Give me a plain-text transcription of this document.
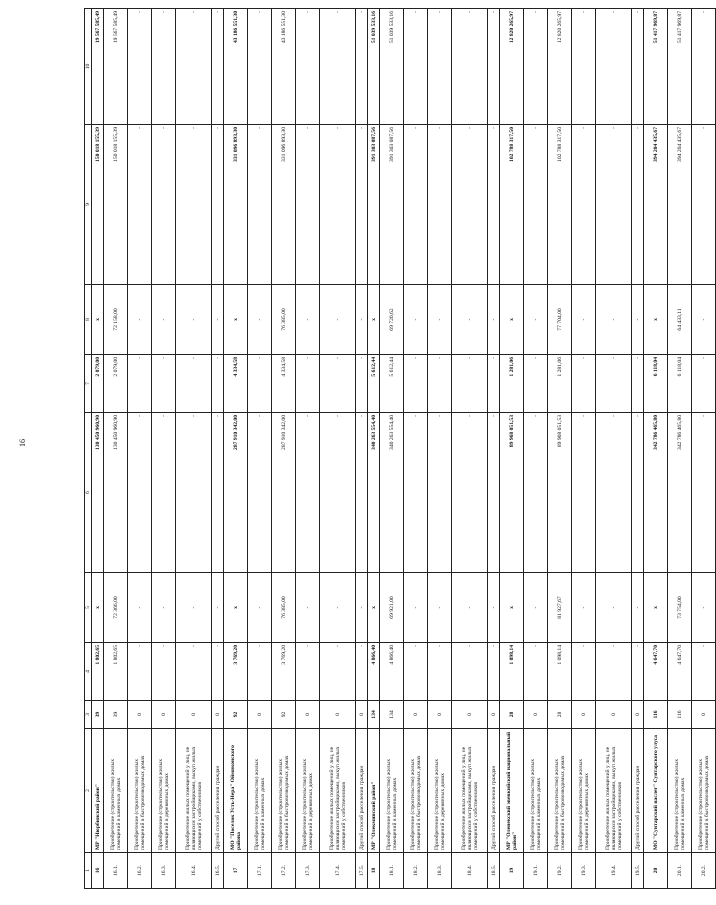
16
1	2	3	4	5	6	7	8	9	10
16	МР "Нюрбинский район"	39	1 802,65	х	130 450 960,90	2 079,00	х	150 018 155,39	19 567 585,49
16.1.	Приобретение (строительство) жилых помещений в каменных домах	39	1 802,65	72 366,00	130 450 960,90	2 079,00	72 158,00	150 018 155,39	19 567 585,49
16.2.	Приобретение (строительство) жилых помещений в быстровозводимых домах	0	-	-	-	-	-	-	-
16.3.	Приобретение (строительство) жилых помещений в деревянных домах	0	-	-	-	-	-	-	-
16.4.	Приобретение жилых помещений у лиц, не являющихся застройщиками, выкуп жилых помещений у собственников	0	-	-	-	-	-	-	-
16.5.	Другой способ расселения граждан	0	-	-	-	-	-	-	-
17	МО "Поселок Усть-Нера" Оймяконского района	92	3 769,20	х	287 910 342,00	4 334,58	х	331 096 893,30	43 186 551,30
17.1.	Приобретение (строительство) жилых помещений в каменных домах	0	-	-	-	-	-	-	-
17.2.	Приобретение (строительство) жилых помещений в быстровозводимых домах	92	3 769,20	76 385,00	287 910 342,00	4 334,58	76 385,00	331 096 893,30	43 186 551,30
17.3.	Приобретение (строительство) жилых помещений в деревянных домах	0	-	-	-	-	-	-	-
17.4.	Приобретение жилых помещений у лиц, не являющихся застройщиками, выкуп жилых помещений у собственников	0	-	-	-	-	-	-	-
17.5.	Другой способ расселения граждан	0	-	-	-	-	-	-	-
18	МР "Олекминский район"	134	4 866,40	х	340 263 554,40	5 612,44	х	391 303 087,56	51 039 533,16
18.1.	Приобретение (строительство) жилых помещений в каменных домах	134	4 866,40	69 921,00	340 263 554,40	5 612,44	69 720,62	391 303 087,56	51 039 533,16
18.2.	Приобретение (строительство) жилых помещений в быстровозводимых домах	0	-	-	-	-	-	-	-
18.3.	Приобретение (строительство) жилых помещений в деревянных домах	0	-	-	-	-	-	-	-
18.4.	Приобретение жилых помещений у лиц, не являющихся застройщиками, выкуп жилых помещений у собственников	0	-	-	-	-	-	-	-
18.5.	Другой способ расселения граждан	0	-	-	-	-	-	-	-
19	МР "Оленекский эвенкийский национальный район"	28	1 098,14	х	89 968 051,53	1 281,06	х	102 788 317,50	12 820 265,97
19.1.	Приобретение (строительство) жилых помещений в каменных домах	0	-	-	-	-	-	-	-
19.2.	Приобретение (строительство) жилых помещений в быстровозводимых домах	28	1 098,14	81 927,67	89 968 051,53	1 281,06	77 704,00	102 788 317,50	12 820 265,97
19.3.	Приобретение (строительство) жилых помещений в деревянных домах	0	-	-	-	-	-	-	-
19.4.	Приобретение жилых помещений у лиц, не являющихся застройщиками, выкуп жилых помещений у собственников	0	-	-	-	-	-	-	-
19.5.	Другой способ расселения граждан	0	-	-	-	-	-	-	-
20	МО "Сунтарский наслег" Сунтарского улуса	116	4 647,70	х	342 786 465,80	6 118,04	х	394 204 435,67	51 417 969,87
20.1.	Приобретение (строительство) жилых помещений в каменных домах	116	4 647,70	73 754,00	342 786 465,80	6 118,04	64 433,11	394 204 435,67	51 417 969,87
20.2.	Приобретение (строительство) жилых помещений в быстровозводимых домах	0	-	-	-	-	-	-	-
